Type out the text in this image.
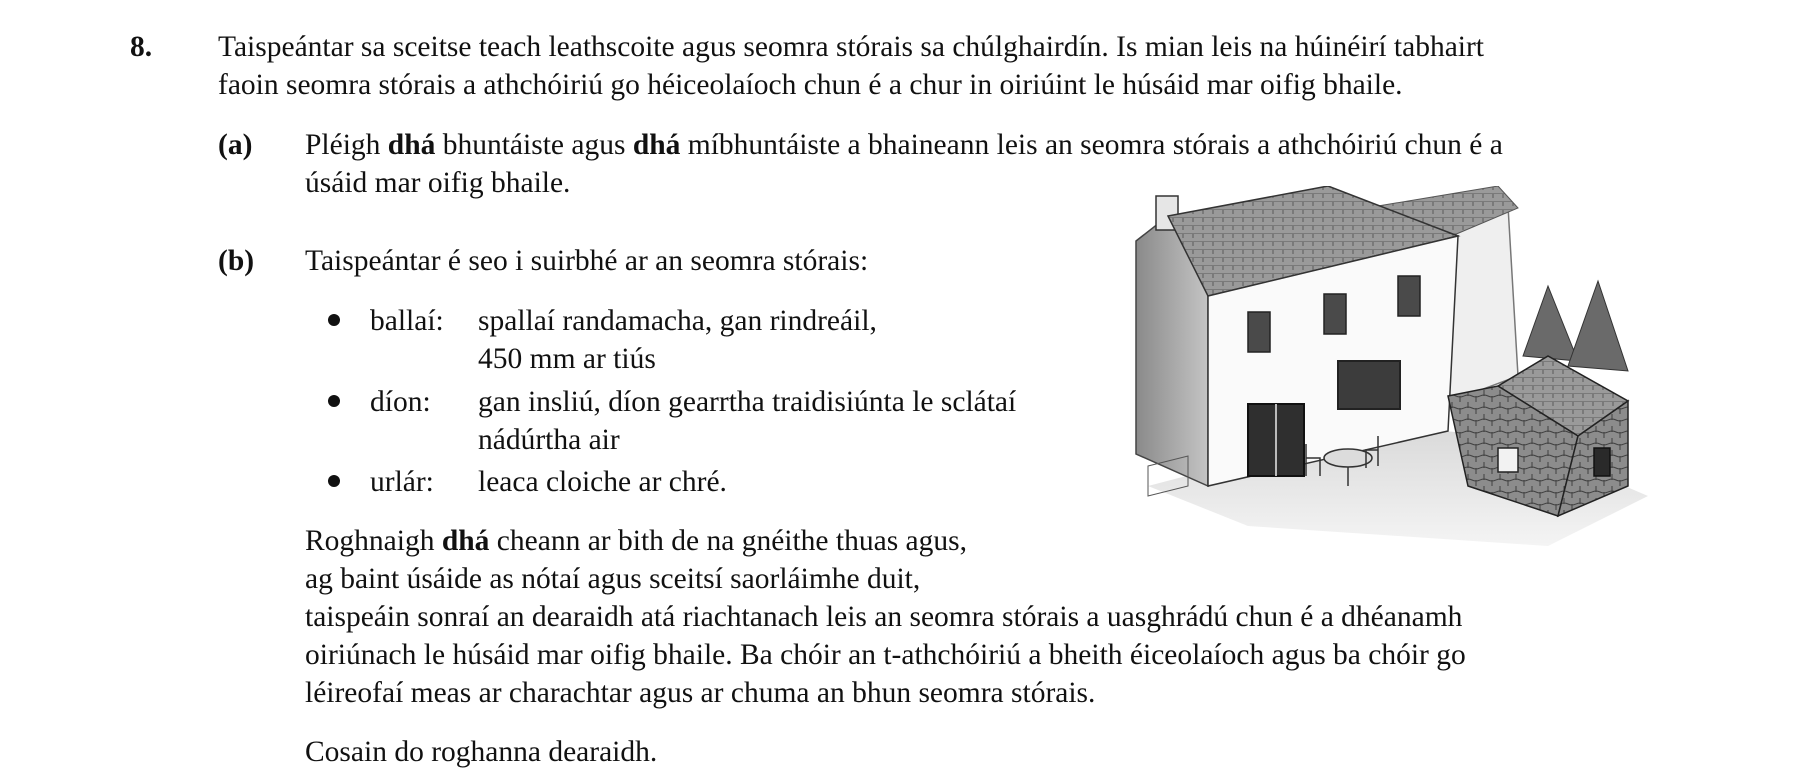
8. Taispeántar sa sceitse teach leathscoite agus seomra stórais sa chúlghairdín. Is mian leis na húinéirí tabhairt
faoin seomra stórais a athchóiriú go héiceolaíoch chun é a chur in oiriúint le húsáid mar oifig bhaile.
(a) Pléigh dhá bhuntáiste agus dhá míbhuntáiste a bhaineann leis an seomra stórais a athchóiriú chun é a
úsáid mar oifig bhaile.
(b) Taispeántar é seo i suirbhé ar an seomra stórais:
ballaí: spallaí randamacha, gan rindreáil,
450 mm ar tiús
díon: gan insliú, díon gearrtha traidisiúnta le sclátaí
nádúrtha air
urlár: leaca cloiche ar chré.
Roghnaigh dhá cheann ar bith de na gnéithe thuas agus,
ag baint úsáide as nótaí agus sceitsí saorláimhe duit,
taispeáin sonraí an dearaidh atá riachtanach leis an seomra stórais a uasghrádú chun é a dhéanamh
oiriúnach le húsáid mar oifig bhaile. Ba chóir an t-athchóiriú a bheith éiceolaíoch agus ba chóir go
léireofaí meas ar charachtar agus ar chuma an bhun seomra stórais.
Cosain do roghanna dearaidh.
